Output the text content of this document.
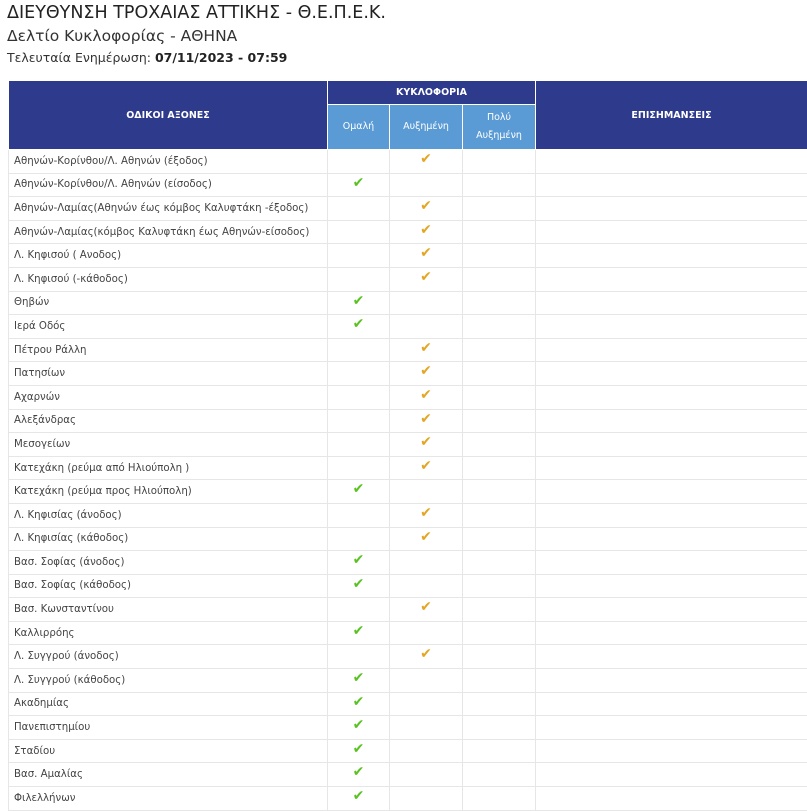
ΔΙΕΥΘΥΝΣΗ ΤΡΟΧΑΙΑΣ ΑΤΤΙΚΗΣ - Θ.Ε.Π.Ε.Κ.
Δελτίο Κυκλοφορίας - ΑΘΗΝΑ
Τελευταία Ενημέρωση: 07/11/2023 - 07:59
ΟΔΙΚΟΙ ΑΞΟΝΕΣ	ΚΥΚΛΟΦΟΡΙΑ			ΕΠΙΣΗΜΑΝΣΕΙΣ
	Ομαλή	Αυξημένη	Πολύ
Αυξημένη	
Αθηνών-Κορίνθου/Λ. Αθηνών (έξοδος)		✔		
Αθηνών-Κορίνθου/Λ. Αθηνών (είσοδος)	✔			
Αθηνών-Λαμίας(Αθηνών έως κόμβος Καλυφτάκη -έξοδος)		✔		
Αθηνών-Λαμίας(κόμβος Καλυφτάκη έως Αθηνών-είσοδος)		✔		
Λ. Κηφισού ( Ανοδος)		✔		
Λ. Κηφισού (-κάθοδος)		✔		
Θηβών	✔			
Ιερά Οδός	✔			
Πέτρου Ράλλη		✔		
Πατησίων		✔		
Αχαρνών		✔		
Αλεξάνδρας		✔		
Μεσογείων		✔		
Κατεχάκη (ρεύμα από Ηλιούπολη )		✔		
Κατεχάκη (ρεύμα προς Ηλιούπολη)	✔			
Λ. Κηφισίας (άνοδος)		✔		
Λ. Κηφισίας (κάθοδος)		✔		
Βασ. Σοφίας (άνοδος)	✔			
Βασ. Σοφίας (κάθοδος)	✔			
Βασ. Κωνσταντίνου		✔		
Καλλιρρόης	✔			
Λ. Συγγρού (άνοδος)		✔		
Λ. Συγγρού (κάθοδος)	✔			
Ακαδημίας	✔			
Πανεπιστημίου	✔			
Σταδίου	✔			
Βασ. Αμαλίας	✔			
Φιλελλήνων	✔			
